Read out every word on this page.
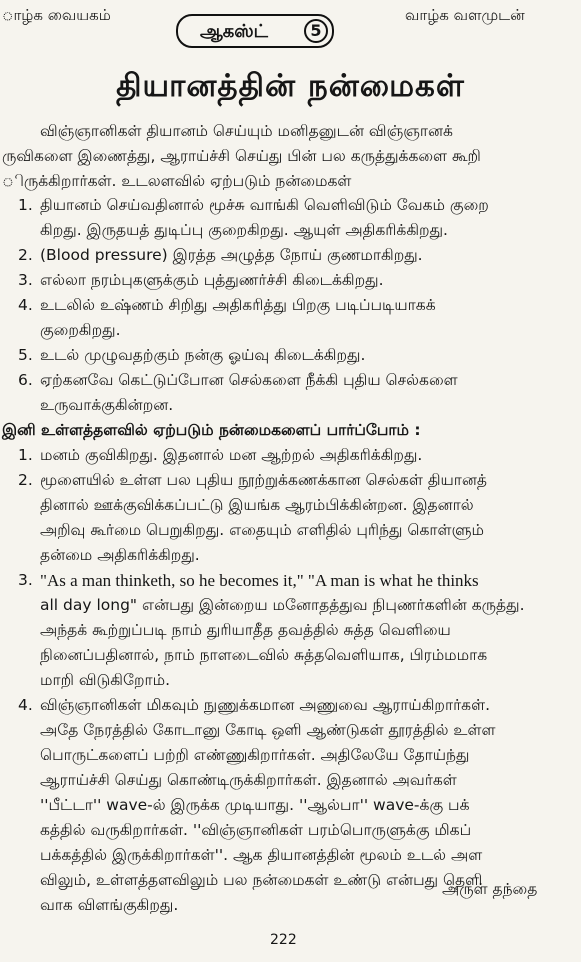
ாழ்க வையகம்	வாழ்க வளமுடன்
ஆகஸ்ட்	5
தியானத்தின் நன்மைகள்
விஞ்ஞானிகள் தியானம் செய்யும் மனிதனுடன் விஞ்ஞானக்
ருவிகளை இணைத்து, ஆராய்ச்சி செய்து பின் பல கருத்துக்களை கூறி
ிருக்கிறார்கள். உடலளவில் ஏற்படும் நன்மைகள்
1. தியானம் செய்வதினால் மூச்சு வாங்கி வெளிவிடும் வேகம் குறை
கிறது. இருதயத் துடிப்பு குறைகிறது. ஆயுள் அதிகரிக்கிறது.
2. (Blood pressure) இரத்த அழுத்த நோய் குணமாகிறது.
3. எல்லா நரம்புகளுக்கும் புத்துணர்ச்சி கிடைக்கிறது.
4. உடலில் உஷ்ணம் சிறிது அதிகரித்து பிறகு படிப்படியாகக்
குறைகிறது.
5. உடல் முழுவதற்கும் நன்கு ஓய்வு கிடைக்கிறது.
6. ஏற்கனவே கெட்டுப்போன செல்களை நீக்கி புதிய செல்களை
உருவாக்குகின்றன.
இனி உள்ளத்தளவில் ஏற்படும் நன்மைகளைப் பார்ப்போம் :
1. மனம் குவிகிறது. இதனால் மன ஆற்றல் அதிகரிக்கிறது.
2. மூளையில் உள்ள பல புதிய நூற்றுக்கணக்கான செல்கள் தியானத்
தினால் ஊக்குவிக்கப்பட்டு இயங்க ஆரம்பிக்கின்றன. இதனால்
அறிவு கூர்மை பெறுகிறது. எதையும் எளிதில் புரிந்து கொள்ளும்
தன்மை அதிகரிக்கிறது.
3. "As a man thinketh, so he becomes it," "A man is what he thinks
all day long" என்பது இன்றைய மனோதத்துவ நிபுணர்களின் கருத்து.
அந்தக் கூற்றுப்படி நாம் துரியாதீத தவத்தில் சுத்த வெளியை
நினைப்பதினால், நாம் நாளடைவில் சுத்தவெளியாக, பிரம்மமாக
மாறி விடுகிறோம்.
4. விஞ்ஞானிகள் மிகவும் நுணுக்கமான அணுவை ஆராய்கிறார்கள்.
அதே நேரத்தில் கோடானு கோடி ஒளி ஆண்டுகள் தூரத்தில் உள்ள
பொருட்களைப் பற்றி எண்ணுகிறார்கள். அதிலேயே தோய்ந்து
ஆராய்ச்சி செய்து கொண்டிருக்கிறார்கள். இதனால் அவர்கள்
''பீட்டா'' wave-ல் இருக்க முடியாது. ''ஆல்பா'' wave-க்கு பக்
கத்தில் வருகிறார்கள். ''விஞ்ஞானிகள் பரம்பொருளுக்கு மிகப்
பக்கத்தில் இருக்கிறார்கள்''. ஆக தியானத்தின் மூலம் உடல் அள
விலும், உள்ளத்தளவிலும் பல நன்மைகள் உண்டு என்பது தெளி
வாக விளங்குகிறது.
அருள் தந்தை
222
